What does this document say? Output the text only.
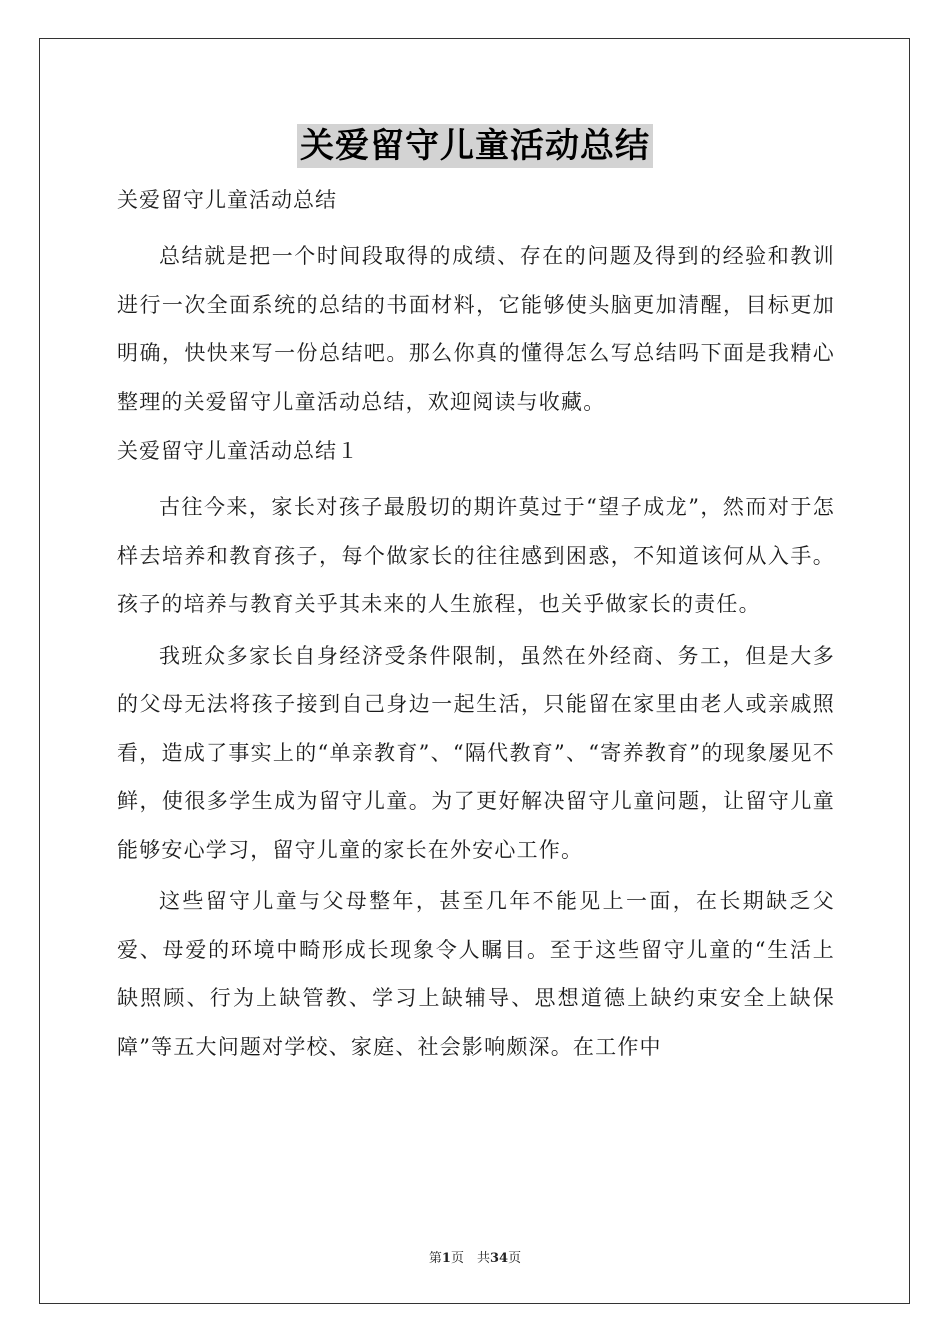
关爱留守儿童活动总结
关爱留守儿童活动总结

总结就是把一个时间段取得的成绩、存在的问题及得到的经验和教训进行一次全面系统的总结的书面材料，它能够使头脑更加清醒，目标更加明确，快快来写一份总结吧。那么你真的懂得怎么写总结吗下面是我精心整理的关爱留守儿童活动总结，欢迎阅读与收藏。

关爱留守儿童活动总结１

古往今来，家长对孩子最殷切的期许莫过于“望子成龙”，然而对于怎样去培养和教育孩子，每个做家长的往往感到困惑，不知道该何从入手。孩子的培养与教育关乎其未来的人生旅程，也关乎做家长的责任。

我班众多家长自身经济受条件限制，虽然在外经商、务工，但是大多的父母无法将孩子接到自己身边一起生活，只能留在家里由老人或亲戚照看，造成了事实上的“单亲教育”、“隔代教育”、“寄养教育”的现象屡见不鲜，使很多学生成为留守儿童。为了更好解决留守儿童问题，让留守儿童能够安心学习，留守儿童的家长在外安心工作。

这些留守儿童与父母整年，甚至几年不能见上一面，在长期缺乏父爱、母爱的环境中畸形成长现象令人瞩目。至于这些留守儿童的“生活上缺照顾、行为上缺管教、学习上缺辅导、思想道德上缺约束安全上缺保障”等五大问题对学校、家庭、社会影响颇深。在工作中

第1页　共34页
